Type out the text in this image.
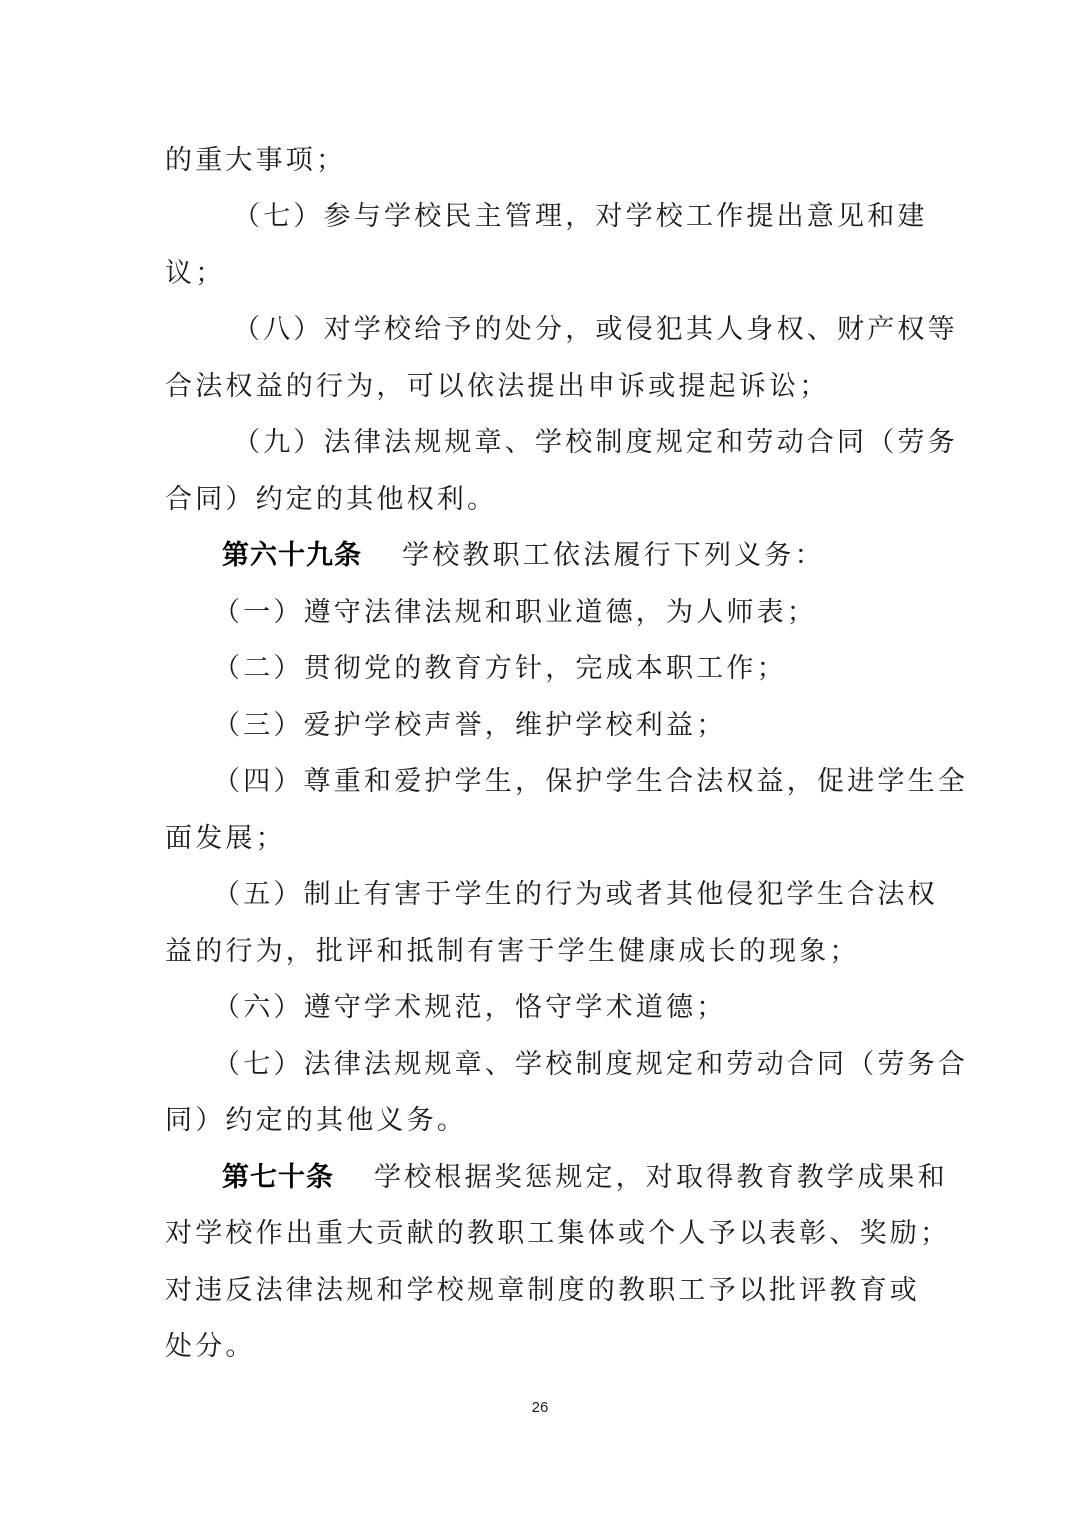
的重大事项；
（七）参与学校民主管理，对学校工作提出意见和建
议；
（八）对学校给予的处分，或侵犯其人身权、财产权等
合法权益的行为，可以依法提出申诉或提起诉讼；
（九）法律法规规章、学校制度规定和劳动合同（劳务
合同）约定的其他权利。
第六十九条 学校教职工依法履行下列义务：
（一）遵守法律法规和职业道德，为人师表；
（二）贯彻党的教育方针，完成本职工作；
（三）爱护学校声誉，维护学校利益；
（四）尊重和爱护学生，保护学生合法权益，促进学生全
面发展；
（五）制止有害于学生的行为或者其他侵犯学生合法权
益的行为，批评和抵制有害于学生健康成长的现象；
（六）遵守学术规范，恪守学术道德；
（七）法律法规规章、学校制度规定和劳动合同（劳务合
同）约定的其他义务。
第七十条 学校根据奖惩规定，对取得教育教学成果和
对学校作出重大贡献的教职工集体或个人予以表彰、奖励；
对违反法律法规和学校规章制度的教职工予以批评教育或
处分。
26
